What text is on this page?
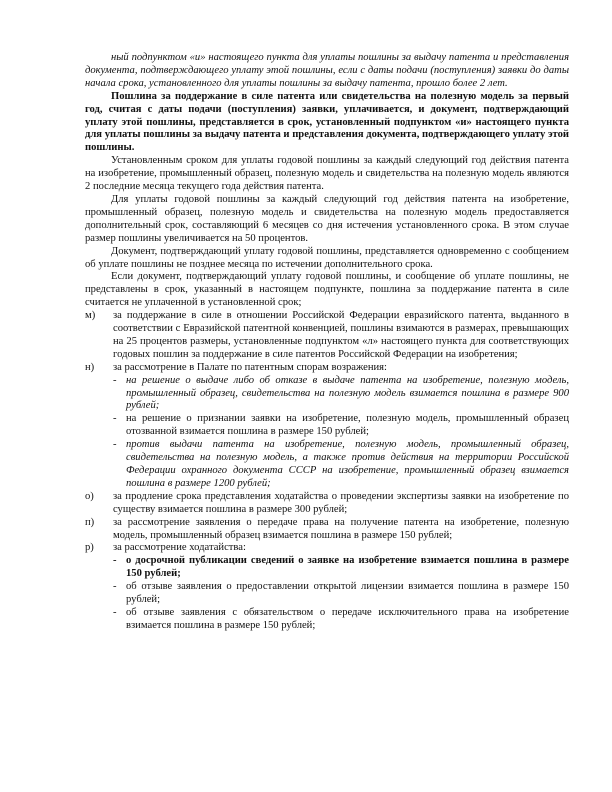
ный подпунктом «и» настоящего пункта для уплаты пошлины за выдачу патента и представления документа, подтверждающего уплату этой пошлины, если с даты подачи (поступления) заявки до даты начала срока, установленного для уплаты пошлины за выдачу патента, прошло более 2 лет.

Пошлина за поддержание в силе патента или свидетельства на полезную модель за первый год, считая с даты подачи (поступления) заявки, уплачивается, и документ, подтверждающий уплату этой пошлины, представляется в срок, установленный подпунктом «и» настоящего пункта для уплаты пошлины за выдачу патента и представления документа, подтверждающего уплату этой пошлины.

Установленным сроком для уплаты годовой пошлины за каждый следующий год действия патента на изобретение, промышленный образец, полезную модель и свидетельства на полезную модель являются 2 последние месяца текущего года действия патента.

Для уплаты годовой пошлины за каждый следующий год действия патента на изобретение, промышленный образец, полезную модель и свидетельства на полезную модель предоставляется дополнительный срок, составляющий 6 месяцев со дня истечения установленного срока. В этом случае размер пошлины увеличивается на 50 процентов.

Документ, подтверждающий уплату годовой пошлины, представляется одновременно с сообщением об уплате пошлины не позднее месяца по истечении дополнительного срока.

Если документ, подтверждающий уплату годовой пошлины, и сообщение об уплате пошлины, не представлены в срок, указанный в настоящем подпункте, пошлина за поддержание патента в силе считается не уплаченной в установленной срок;

м)	за поддержание в силе в отношении Российской Федерации евразийского патента, выданного в соответствии с Евразийской патентной конвенцией, пошлины взимаются в размерах, превышающих на 25 процентов размеры, установленные подпунктом «л» настоящего пункта для соответствующих годовых пошлин за поддержание в силе патентов Российской Федерации на изобретения;
н)	за рассмотрение в Палате по патентным спорам возражения:
- на решение о выдаче либо об отказе в выдаче патента на изобретение, полезную модель, промышленный образец, свидетельства на полезную модель взимается пошлина в размере 900 рублей;
- на решение о признании заявки на изобретение, полезную модель, промышленный образец отозванной взимается пошлина в размере 150 рублей;
- против выдачи патента на изобретение, полезную модель, промышленный образец, свидетельства на полезную модель, а также против действия на территории Российской Федерации охранного документа СССР на изобретение, промышленный образец взимается пошлина в размере 1200 рублей;
о)	за продление срока представления ходатайства о проведении экспертизы заявки на изобретение по существу взимается пошлина в размере 300 рублей;
п)	за рассмотрение заявления о передаче права на получение патента на изобретение, полезную модель, промышленный образец взимается пошлина в размере 150 рублей;
р)	за рассмотрение ходатайства:
- о досрочной публикации сведений о заявке на изобретение взимается пошлина в размере 150 рублей;
- об отзыве заявления о предоставлении открытой лицензии взимается пошлина в размере 150 рублей;
- об отзыве заявления с обязательством о передаче исключительного права на изобретение взимается пошлина в размере 150 рублей;
